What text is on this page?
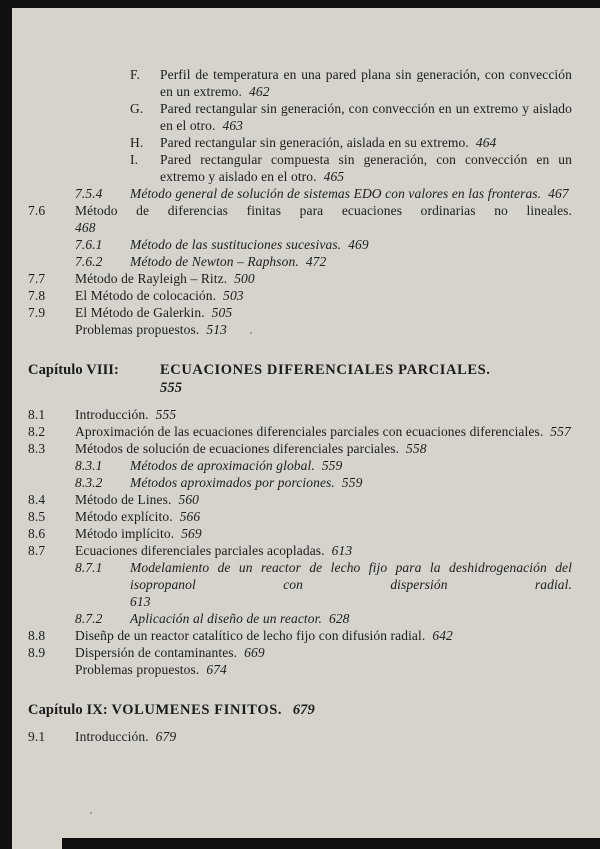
F.	Perfil de temperatura en una pared plana sin generación, con convección en un extremo. 462
G.	Pared rectangular sin generación, con convección en un extremo y aislado en el otro. 463
H.	Pared rectangular sin generación, aislada en su extremo. 464
I.	Pared rectangular compuesta sin generación, con convección en un extremo y aislado en el otro. 465
7.5.4	Método general de solución de sistemas EDO con valores en las fronteras. 467
7.6	Método de diferencias finitas para ecuaciones ordinarias no lineales.
468
7.6.1	Método de las sustituciones sucesivas. 469
7.6.2	Método de Newton – Raphson. 472
7.7	Método de Rayleigh – Ritz. 500
7.8	El Método de colocación. 503
7.9	El Método de Galerkin. 505
Problemas propuestos. 513
Capítulo VIII:	ECUACIONES DIFERENCIALES PARCIALES.
555
8.1	Introducción. 555
8.2	Aproximación de las ecuaciones diferenciales parciales con ecuaciones diferenciales. 557
8.3	Métodos de solución de ecuaciones diferenciales parciales. 558
8.3.1	Métodos de aproximación global. 559
8.3.2	Métodos aproximados por porciones. 559
8.4	Método de Lines. 560
8.5	Método explícito. 566
8.6	Método implícito. 569
8.7	Ecuaciones diferenciales parciales acopladas. 613
8.7.1	Modelamiento de un reactor de lecho fijo para la deshidrogenación del isopropanol con dispersión radial.
613
8.7.2	Aplicación al diseño de un reactor. 628
8.8	Diseñp de un reactor catalítico de lecho fijo con difusión radial. 642
8.9	Dispersión de contaminantes. 669
Problemas propuestos. 674
Capítulo IX: VOLUMENES FINITOS. 679
9.1	Introducción. 679
